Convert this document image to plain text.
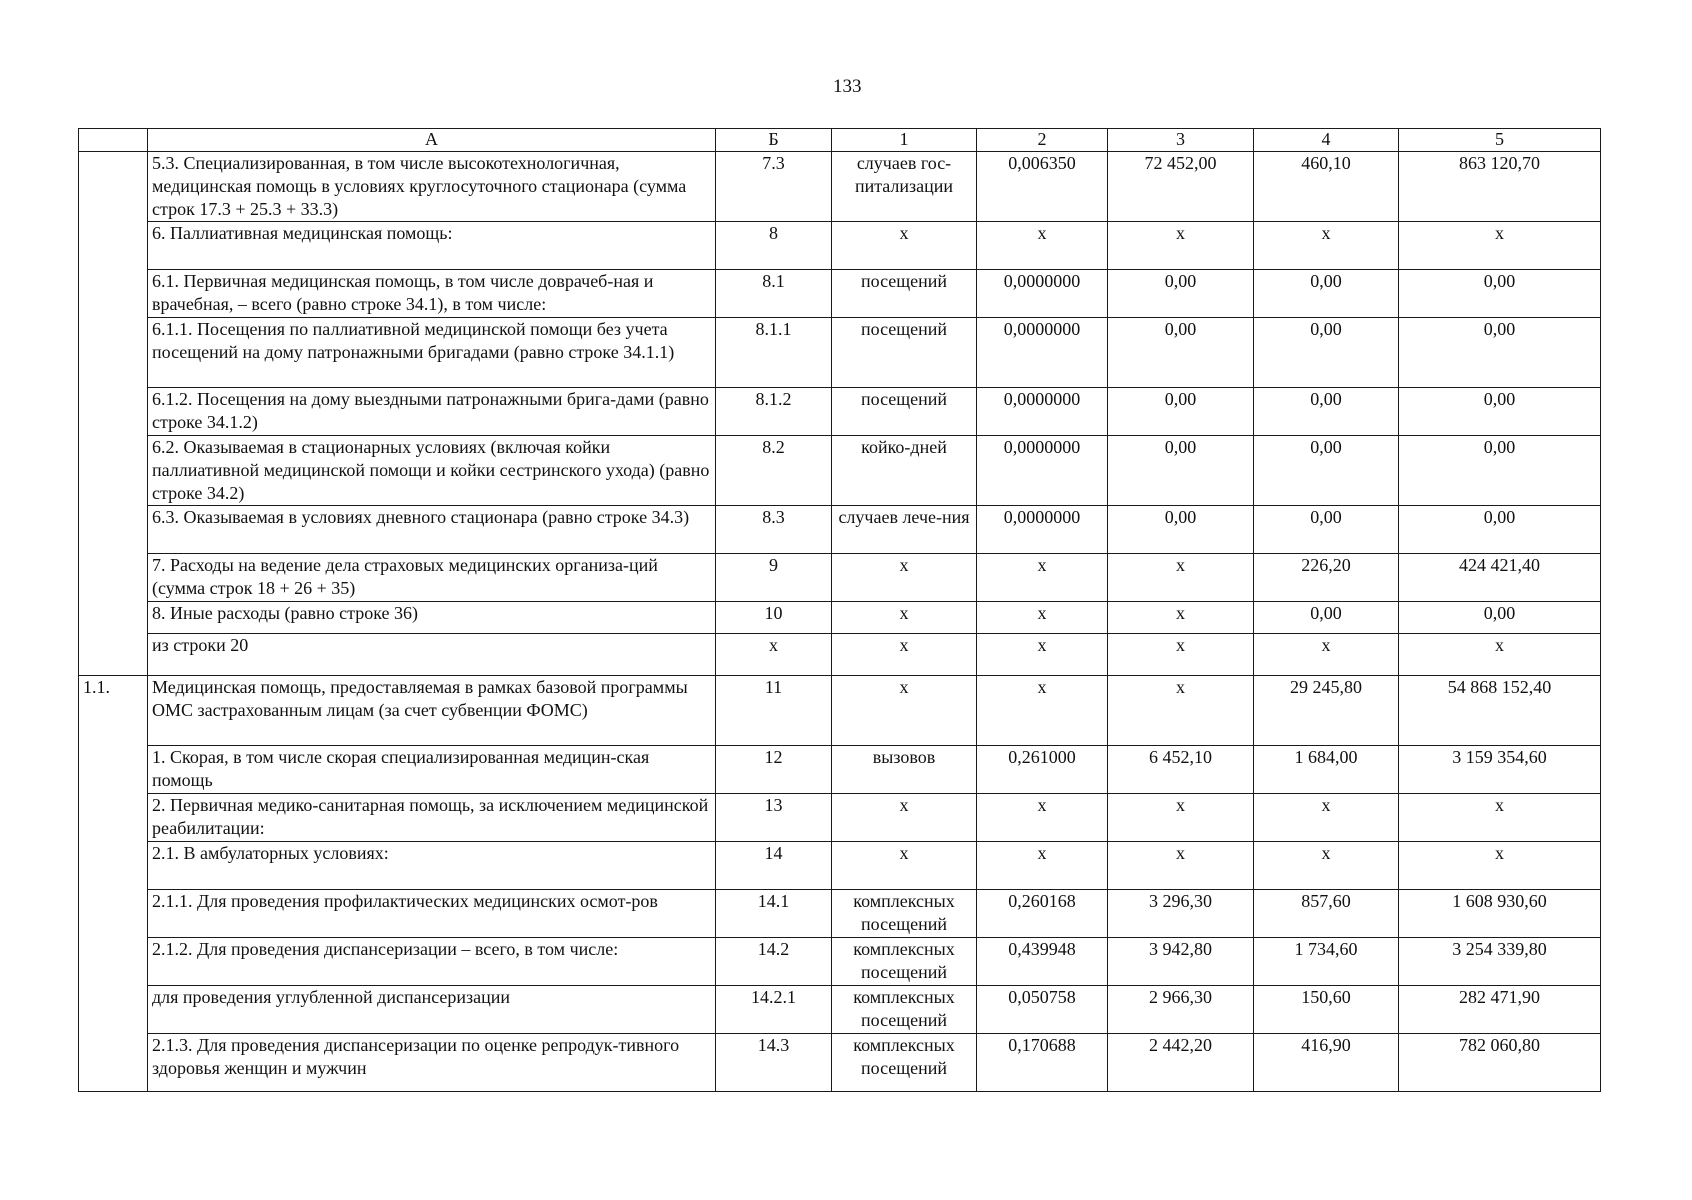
133
	А	Б	1	2	3	4	5
	5.3. Специализированная, в том числе высокотехнологичная, медицинская помощь в условиях круглосуточного стационара (сумма строк 17.3 + 25.3 + 33.3)	7.3	случаев гос-питализации	0,006350	72 452,00	460,10	863 120,70
	6. Паллиативная медицинская помощь:	8	х	х	х	х	х
	6.1. Первичная медицинская помощь, в том числе доврачеб-ная и врачебная, – всего (равно строке 34.1), в том числе:	8.1	посещений	0,0000000	0,00	0,00	0,00
	6.1.1. Посещения по паллиативной медицинской помощи без учета посещений на дому патронажными бригадами (равно строке 34.1.1)	8.1.1	посещений	0,0000000	0,00	0,00	0,00
	6.1.2. Посещения на дому выездными патронажными брига-дами (равно строке 34.1.2)	8.1.2	посещений	0,0000000	0,00	0,00	0,00
	6.2. Оказываемая в стационарных условиях (включая койки паллиативной медицинской помощи и койки сестринского ухода) (равно строке 34.2)	8.2	койко-дней	0,0000000	0,00	0,00	0,00
	6.3. Оказываемая в условиях дневного стационара (равно строке 34.3)	8.3	случаев лече-ния	0,0000000	0,00	0,00	0,00
	7. Расходы на ведение дела страховых медицинских организа-ций (сумма строк 18 + 26 + 35)	9	х	х	х	226,20	424 421,40
	8. Иные расходы (равно строке 36)	10	х	х	х	0,00	0,00
	из строки 20	х	х	х	х	х	х
1.1.	Медицинская помощь, предоставляемая в рамках базовой программы ОМС застрахованным лицам (за счет субвенции ФОМС)	11	х	х	х	29 245,80	54 868 152,40
	1. Скорая, в том числе скорая специализированная медицин-ская помощь	12	вызовов	0,261000	6 452,10	1 684,00	3 159 354,60
	2. Первичная медико-санитарная помощь, за исключением медицинской реабилитации:	13	х	х	х	х	х
	2.1. В амбулаторных условиях:	14	х	х	х	х	х
	2.1.1. Для проведения профилактических медицинских осмот-ров	14.1	комплексных посещений	0,260168	3 296,30	857,60	1 608 930,60
	2.1.2. Для проведения диспансеризации – всего, в том числе:	14.2	комплексных посещений	0,439948	3 942,80	1 734,60	3 254 339,80
	для проведения углубленной диспансеризации	14.2.1	комплексных посещений	0,050758	2 966,30	150,60	282 471,90
	2.1.3. Для проведения диспансеризации по оценке репродук-тивного здоровья женщин и мужчин	14.3	комплексных посещений	0,170688	2 442,20	416,90	782 060,80
